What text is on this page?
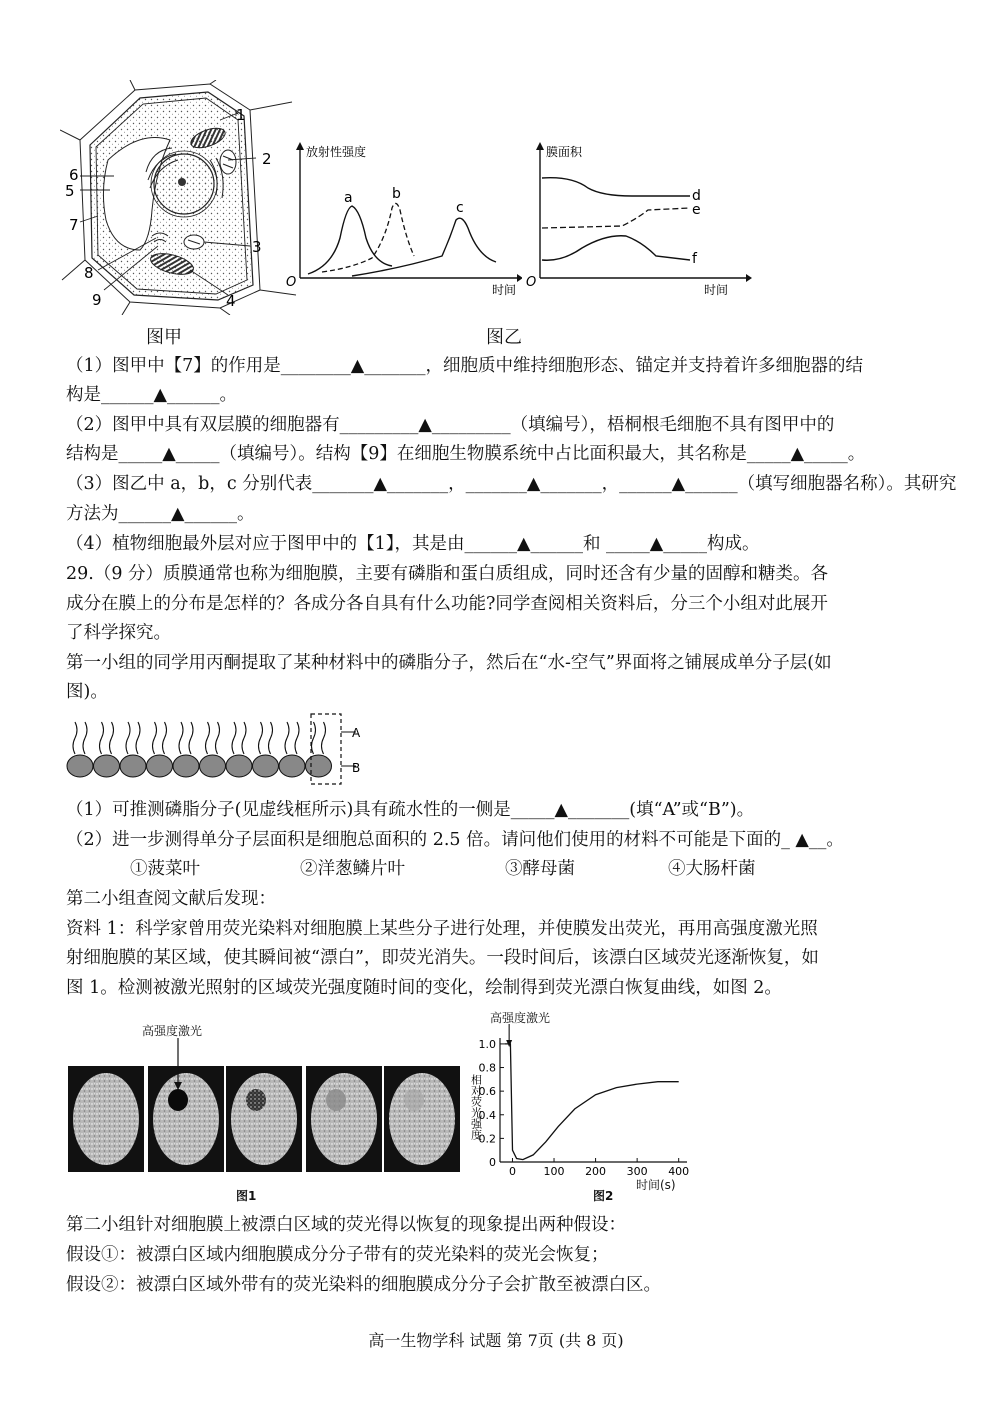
1
2
3
4
5
6
7
8
9
图甲
放射性强度
时间
O
a	b
c
膜面积
时间
O
d
e
f
图乙
（1）图甲中【7】的作用是________▲_______，细胞质中维持细胞形态、锚定并支持着许多细胞器的结
构是______▲______。
（2）图甲中具有双层膜的细胞器有_________▲_________（填编号），梧桐根毛细胞不具有图甲中的
结构是_____▲_____（填编号）。结构【9】在细胞生物膜系统中占比面积最大，其名称是_____▲_____。
（3）图乙中 a，b，c 分别代表_______▲_______，_______▲_______，______▲______（填写细胞器名称）。其研究
方法为______▲______。
（4）植物细胞最外层对应于图甲中的【1】，其是由______▲______和 _____▲_____构成。
29.（9 分）质膜通常也称为细胞膜，主要有磷脂和蛋白质组成，同时还含有少量的固醇和糖类。各
成分在膜上的分布是怎样的？各成分各自具有什么功能?同学查阅相关资料后，分三个小组对此展开
了科学探究。
第一小组的同学用丙酮提取了某种材料中的磷脂分子，然后在“水-空气”界面将之铺展成单分子层(如
图)。
A
B
（1）可推测磷脂分子(见虚线框所示)具有疏水性的一侧是_____▲_______(填“A”或“B”)。
（2）进一步测得单分子层面积是细胞总面积的 2.5 倍。请问他们使用的材料不可能是下面的_ ▲__。
①菠菜叶	②洋葱鳞片叶	③酵母菌	④大肠杆菌
第二小组查阅文献后发现：
资料 1：科学家曾用荧光染料对细胞膜上某些分子进行处理，并使膜发出荧光，再用高强度激光照
射细胞膜的某区域，使其瞬间被“漂白”，即荧光消失。一段时间后，该漂白区域荧光逐渐恢复，如
图 1。检测被激光照射的区域荧光强度随时间的变化，绘制得到荧光漂白恢复曲线，如图 2。
高强度激光
图1
高强度激光
0
0.2
0.4
0.6
0.8
1.0
0	100 200 300 400
相对荧光强度
时间(s)
图2
第二小组针对细胞膜上被漂白区域的荧光得以恢复的现象提出两种假设：
假设①：被漂白区域内细胞膜成分分子带有的荧光染料的荧光会恢复；
假设②：被漂白区域外带有的荧光染料的细胞膜成分分子会扩散至被漂白区。
高一生物学科 试题 第 7页 (共 8 页)
